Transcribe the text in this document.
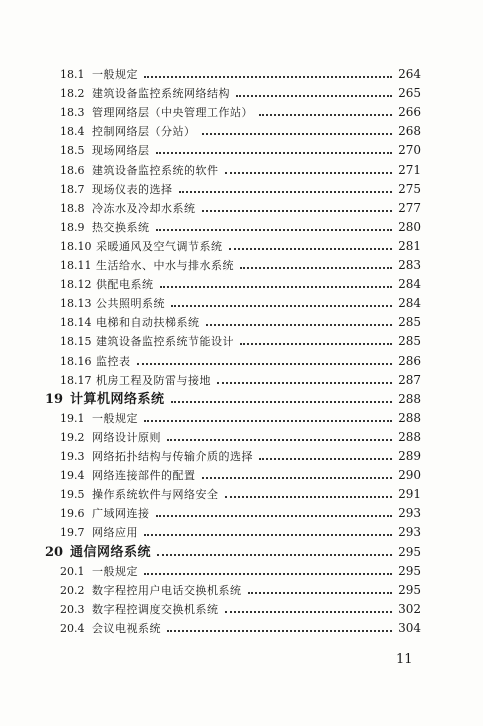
18.1 一般规定	264
18.2 建筑设备监控系统网络结构	265
18.3 管理网络层（中央管理工作站）	266
18.4 控制网络层（分站）	268
18.5 现场网络层	270
18.6 建筑设备监控系统的软件	271
18.7 现场仪表的选择	275
18.8 冷冻水及冷却水系统	277
18.9 热交换系统	280
18.10 采暖通风及空气调节系统	281
18.11 生活给水、中水与排水系统	283
18.12 供配电系统	284
18.13 公共照明系统	284
18.14 电梯和自动扶梯系统	285
18.15 建筑设备监控系统节能设计	285
18.16 监控表	286
18.17 机房工程及防雷与接地	287
19 计算机网络系统	288
19.1 一般规定	288
19.2 网络设计原则	288
19.3 网络拓扑结构与传输介质的选择	289
19.4 网络连接部件的配置	290
19.5 操作系统软件与网络安全	291
19.6 广域网连接	293
19.7 网络应用	293
20 通信网络系统	295
20.1 一般规定	295
20.2 数字程控用户电话交换机系统	295
20.3 数字程控调度交换机系统	302
20.4 会议电视系统	304
11
